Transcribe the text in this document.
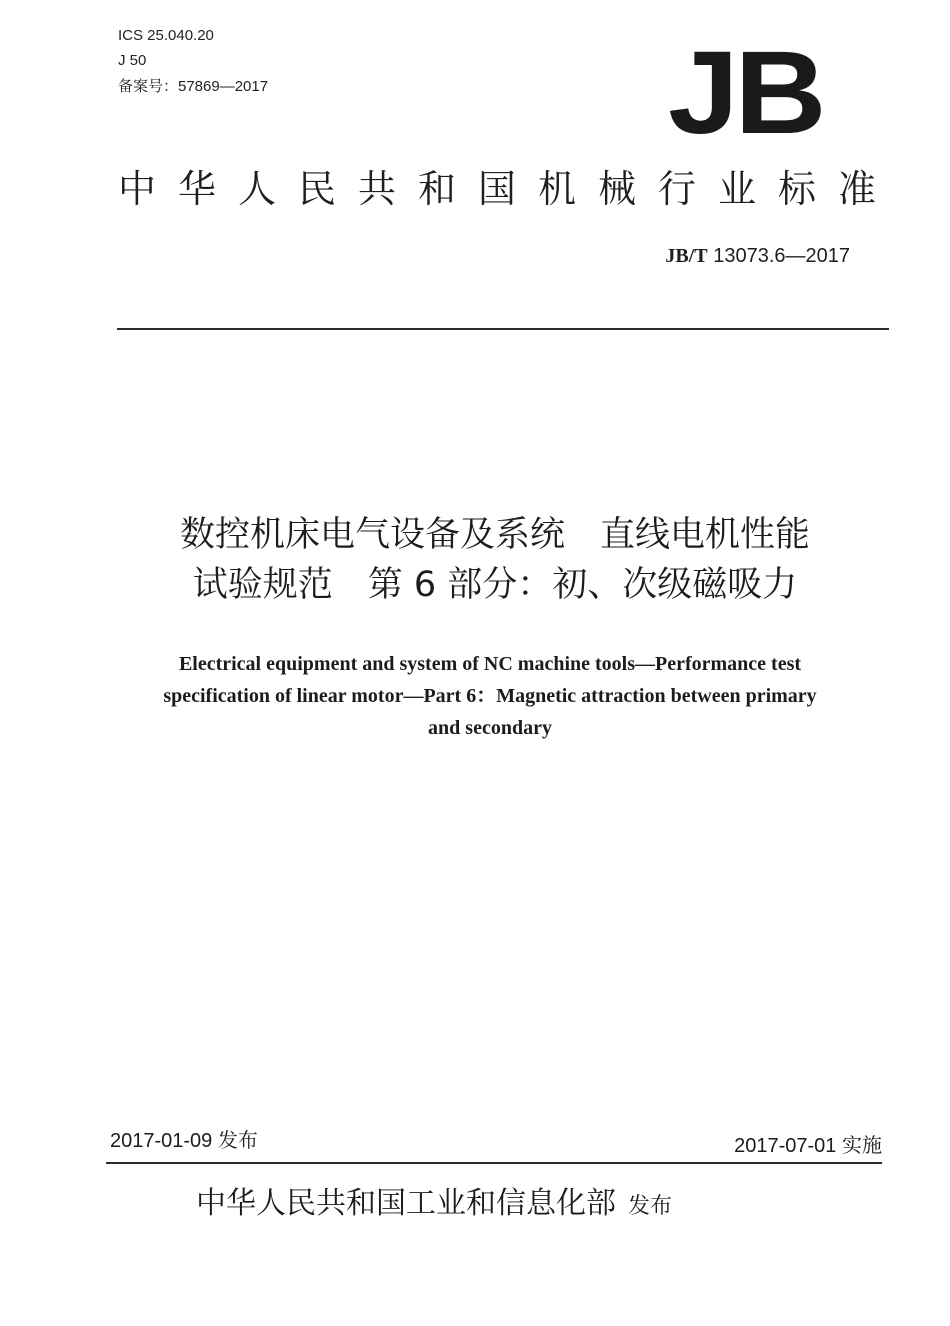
ICS 25.040.20
J 50
备案号：57869—2017	JB
中华人民共和国机械行业标准
JB/T 13073.6—2017
数控机床电气设备及系统　直线电机性能
试验规范　第 6 部分：初、次级磁吸力
Electrical equipment and system of NC machine tools—Performance test
specification of linear motor—Part 6：Magnetic attraction between primary
and secondary
2017-01-09 发布	2017-07-01 实施
中华人民共和国工业和信息化部 发布
